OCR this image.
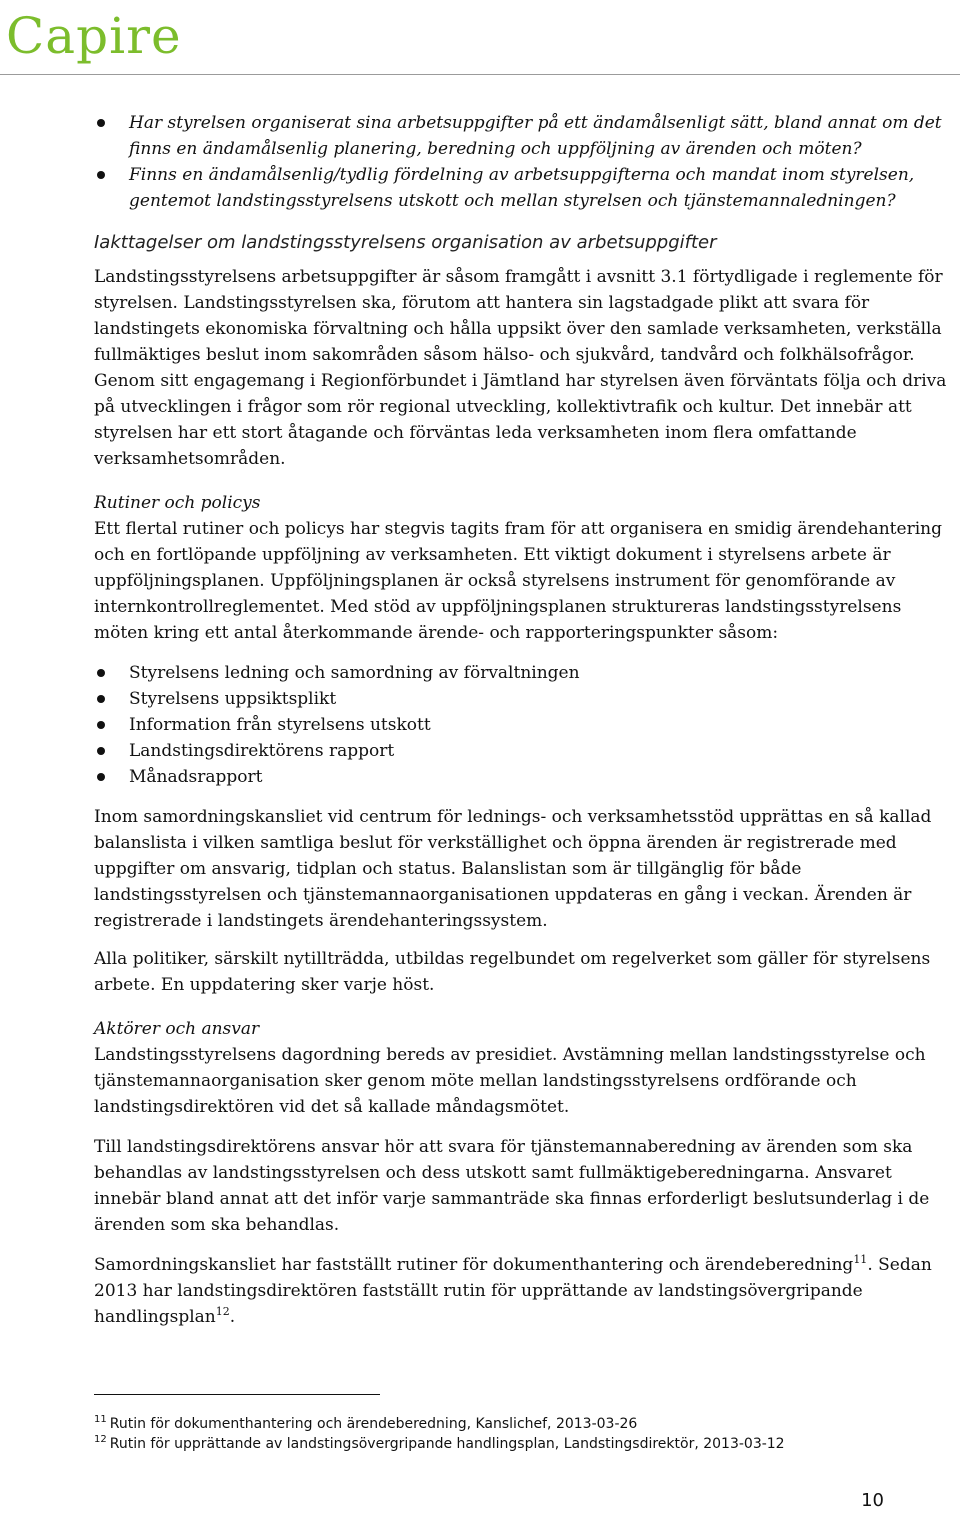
Capire
Har styrelsen organiserat sina arbetsuppgifter på ett ändamålsenligt sätt, bland annat om det finns en ändamålsenlig planering, beredning och uppföljning av ärenden och möten?
Finns en ändamålsenlig/tydlig fördelning av arbetsuppgifterna och mandat inom styrelsen, gentemot landstingsstyrelsens utskott och mellan styrelsen och tjänstemannaledningen?
Iakttagelser om landstingsstyrelsens organisation av arbetsuppgifter

Landstingsstyrelsens arbetsuppgifter är såsom framgått i avsnitt 3.1 förtydligade i reglemente för styrelsen. Landstingsstyrelsen ska, förutom att hantera sin lagstadgade plikt att svara för landstingets ekonomiska förvaltning och hålla uppsikt över den samlade verksamheten, verkställa fullmäktiges beslut inom sakområden såsom hälso- och sjukvård, tandvård och folkhälsofrågor. Genom sitt engagemang i Regionförbundet i Jämtland har styrelsen även förväntats följa och driva på utvecklingen i frågor som rör regional utveckling, kollektivtrafik och kultur. Det innebär att styrelsen har ett stort åtagande och förväntas leda verksamheten inom flera omfattande verksamhetsområden.

Rutiner och policys

Ett flertal rutiner och policys har stegvis tagits fram för att organisera en smidig ärendehantering och en fortlöpande uppföljning av verksamheten. Ett viktigt dokument i styrelsens arbete är uppföljningsplanen. Uppföljningsplanen är också styrelsens instrument för genomförande av internkontrollreglementet. Med stöd av uppföljningsplanen struktureras landstingsstyrelsens möten kring ett antal återkommande ärende- och rapporteringspunkter såsom:

Styrelsens ledning och samordning av förvaltningen
Styrelsens uppsiktsplikt
Information från styrelsens utskott
Landstingsdirektörens rapport
Månadsrapport

Inom samordningskansliet vid centrum för lednings- och verksamhetsstöd upprättas en så kallad balanslista i vilken samtliga beslut för verkställighet och öppna ärenden är registrerade med uppgifter om ansvarig, tidplan och status. Balanslistan som är tillgänglig för både landstingsstyrelsen och tjänstemannaorganisationen uppdateras en gång i veckan. Ärenden är registrerade i landstingets ärendehanteringssystem.

Alla politiker, särskilt nytillträdda, utbildas regelbundet om regelverket som gäller för styrelsens arbete. En uppdatering sker varje höst.

Aktörer och ansvar

Landstingsstyrelsens dagordning bereds av presidiet. Avstämning mellan landstingsstyrelse och tjänstemannaorganisation sker genom möte mellan landstingsstyrelsens ordförande och landstingsdirektören vid det så kallade måndagsmötet.

Till landstingsdirektörens ansvar hör att svara för tjänstemannaberedning av ärenden som ska behandlas av landstingsstyrelsen och dess utskott samt fullmäktigeberedningarna. Ansvaret innebär bland annat att det inför varje sammanträde ska finnas erforderligt beslutsunderlag i de ärenden som ska behandlas.

Samordningskansliet har fastställt rutiner för dokumenthantering och ärendeberedning$^{11}$. Sedan 2013 har landstingsdirektören fastställt rutin för upprättande av landstingsövergripande handlingsplan$^{12}$.

$^{11}$ Rutin för dokumenthantering och ärendeberedning, Kanslichef, 2013-03-26
$^{12}$ Rutin för upprättande av landstingsövergripande handlingsplan, Landstingsdirektör, 2013-03-12
10
